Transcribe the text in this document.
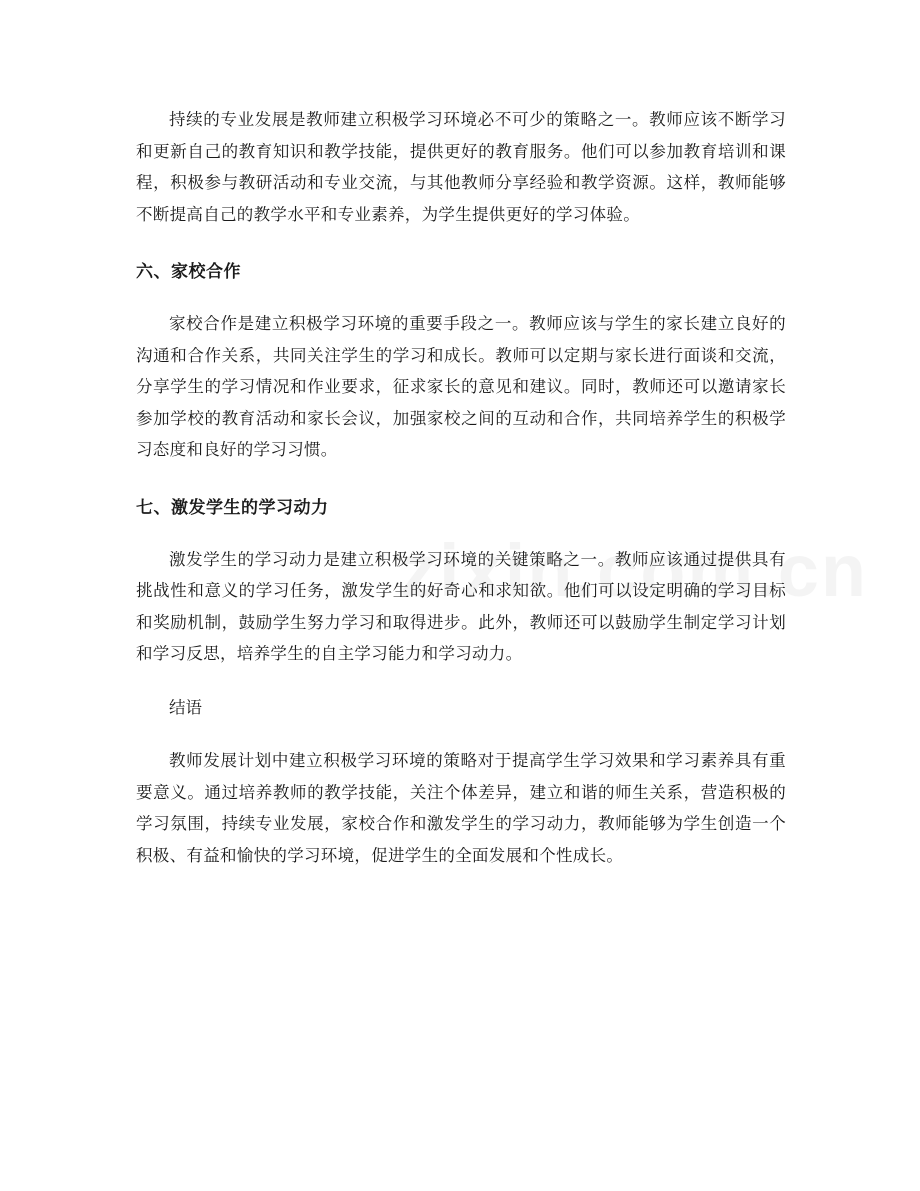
持续的专业发展是教师建立积极学习环境必不可少的策略之一。教师应该不断学习和更新自己的教育知识和教学技能，提供更好的教育服务。他们可以参加教育培训和课程，积极参与教研活动和专业交流，与其他教师分享经验和教学资源。这样，教师能够不断提高自己的教学水平和专业素养，为学生提供更好的学习体验。

六、家校合作

家校合作是建立积极学习环境的重要手段之一。教师应该与学生的家长建立良好的沟通和合作关系，共同关注学生的学习和成长。教师可以定期与家长进行面谈和交流，分享学生的学习情况和作业要求，征求家长的意见和建议。同时，教师还可以邀请家长参加学校的教育活动和家长会议，加强家校之间的互动和合作，共同培养学生的积极学习态度和良好的学习习惯。

七、激发学生的学习动力

激发学生的学习动力是建立积极学习环境的关键策略之一。教师应该通过提供具有挑战性和意义的学习任务，激发学生的好奇心和求知欲。他们可以设定明确的学习目标和奖励机制，鼓励学生努力学习和取得进步。此外，教师还可以鼓励学生制定学习计划和学习反思，培养学生的自主学习能力和学习动力。

结语

教师发展计划中建立积极学习环境的策略对于提高学生学习效果和学习素养具有重要意义。通过培养教师的教学技能，关注个体差异，建立和谐的师生关系，营造积极的学习氛围，持续专业发展，家校合作和激发学生的学习动力，教师能够为学生创造一个积极、有益和愉快的学习环境，促进学生的全面发展和个性成长。
